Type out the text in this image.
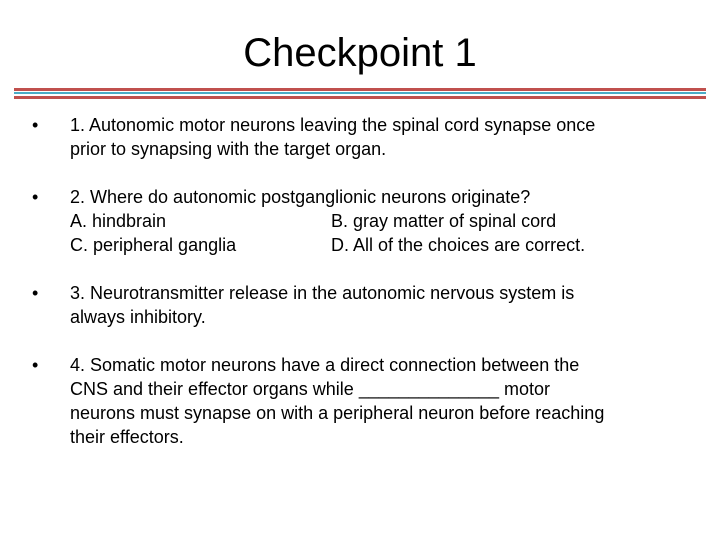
Checkpoint 1
• 1. Autonomic motor neurons leaving the spinal cord synapse once
prior to synapsing with the target organ.
• 2. Where do autonomic postganglionic neurons originate?
A. hindbrain	B. gray matter of spinal cord
C. peripheral ganglia	D. All of the choices are correct.
• 3. Neurotransmitter release in the autonomic nervous system is
always inhibitory.
• 4. Somatic motor neurons have a direct connection between the
CNS and their effector organs while ______________ motor
neurons must synapse on with a peripheral neuron before reaching
their effectors.
